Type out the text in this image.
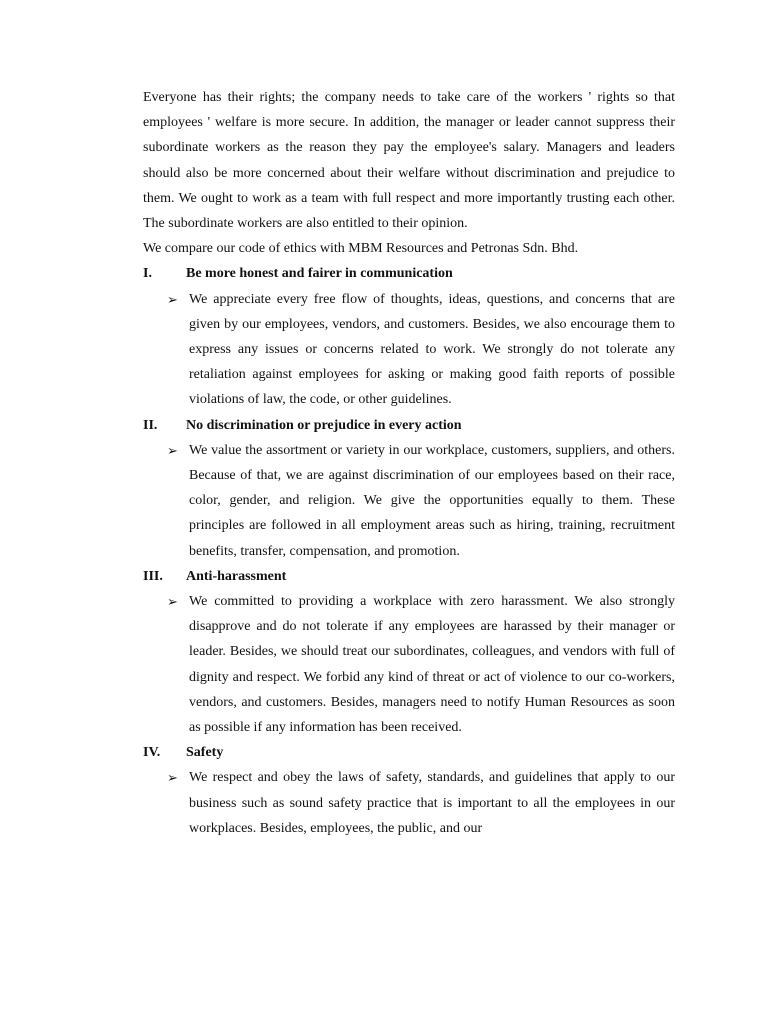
Everyone has their rights; the company needs to take care of the workers ' rights so that employees ' welfare is more secure. In addition, the manager or leader cannot suppress their subordinate workers as the reason they pay the employee's salary. Managers and leaders should also be more concerned about their welfare without discrimination and prejudice to them. We ought to work as a team with full respect and more importantly trusting each other. The subordinate workers are also entitled to their opinion.

We compare our code of ethics with MBM Resources and Petronas Sdn. Bhd.

I. Be more honest and fairer in communication
➢ We appreciate every free flow of thoughts, ideas, questions, and concerns that are given by our employees, vendors, and customers. Besides, we also encourage them to express any issues or concerns related to work. We strongly do not tolerate any retaliation against employees for asking or making good faith reports of possible violations of law, the code, or other guidelines.
II. No discrimination or prejudice in every action
➢ We value the assortment or variety in our workplace, customers, suppliers, and others. Because of that, we are against discrimination of our employees based on their race, color, gender, and religion. We give the opportunities equally to them. These principles are followed in all employment areas such as hiring, training, recruitment benefits, transfer, compensation, and promotion.
III. Anti-harassment
➢ We committed to providing a workplace with zero harassment. We also strongly disapprove and do not tolerate if any employees are harassed by their manager or leader. Besides, we should treat our subordinates, colleagues, and vendors with full of dignity and respect. We forbid any kind of threat or act of violence to our co-workers, vendors, and customers. Besides, managers need to notify Human Resources as soon as possible if any information has been received.
IV. Safety
➢ We respect and obey the laws of safety, standards, and guidelines that apply to our business such as sound safety practice that is important to all the employees in our workplaces. Besides, employees, the public, and our
